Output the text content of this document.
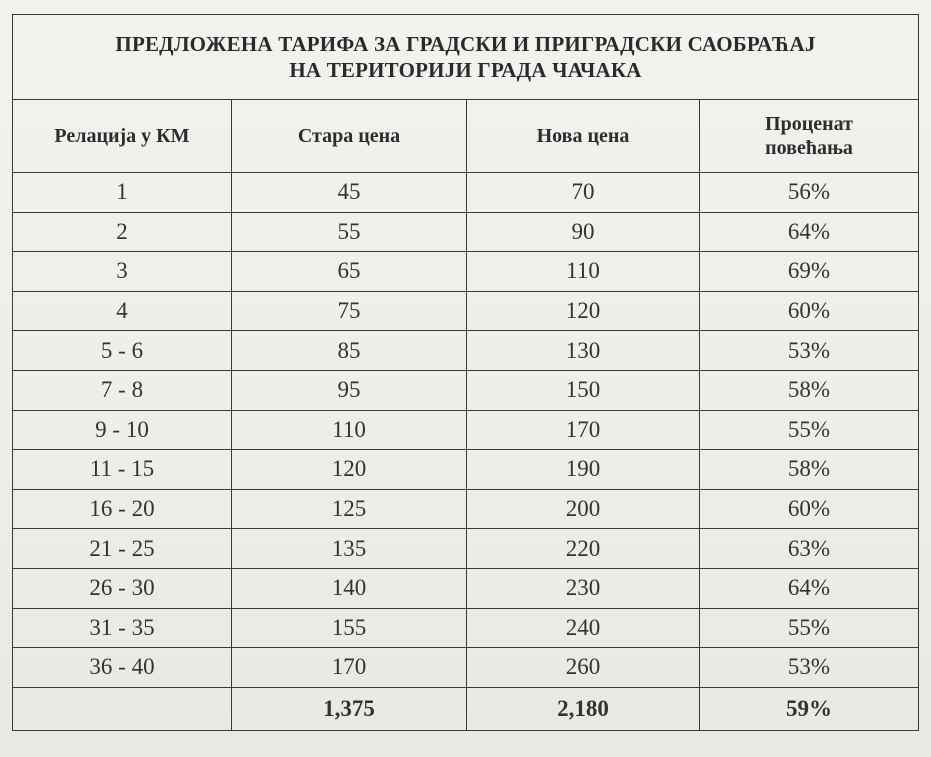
ПРЕДЛОЖЕНА ТАРИФА ЗА ГРАДСКИ И ПРИГРАДСКИ САОБРАЋАЈ
НА ТЕРИТОРИЈИ ГРАДА ЧАЧАКА			

Релација у КМ	Стара цена	Нова цена	Проценат
повећања

1	45	70	56%
2	55	90	64%
3	65	110	69%
4	75	120	60%
5 - 6	85	130	53%
7 - 8	95	150	58%
9 - 10	110	170	55%
11 - 15	120	190	58%
16 - 20	125	200	60%
21 - 25	135	220	63%
26 - 30	140	230	64%
31 - 35	155	240	55%
36 - 40	170	260	53%
	1,375	2,180	59%
